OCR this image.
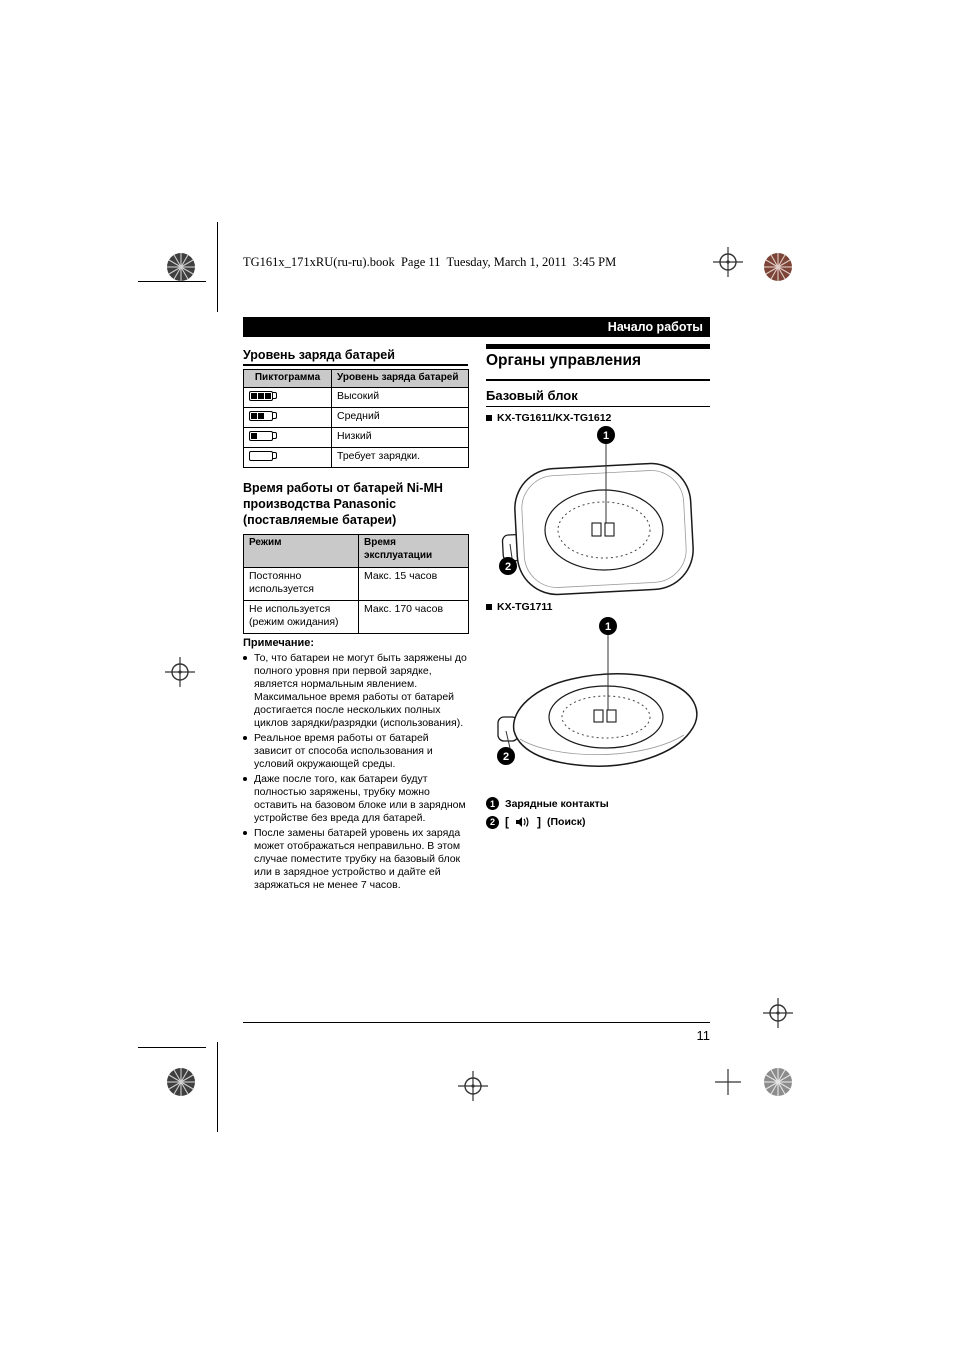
TG161x_171xRU(ru-ru).book  Page 11  Tuesday, March 1, 2011  3:45 PM
Начало работы
Уровень заряда батарей
Пиктограмма	Уровень заряда батарей

	Высокий

	Средний

	Низкий

	Требует зарядки.
Время работы от батарей Ni-MH производства Panasonic (поставляемые батареи)
Режим	Время эксплуатации
Постоянно используется	Макс. 15 часов
Не используется (режим ожидания)	Макс. 170 часов
Примечание:
То, что батареи не могут быть заряжены до полного уровня при первой зарядке, является нормальным явлением. Максимальное время работы от батарей достигается после нескольких полных циклов зарядки/разрядки (использования).
Реальное время работы от батарей зависит от способа использования и условий окружающей среды.
Даже после того, как батареи будут полностью заряжены, трубку можно оставить на базовом блоке или в зарядном устройстве без вреда для батарей.
После замены батарей уровень их заряда может отображаться неправильно. В этом случае поместите трубку на базовый блок или в зарядное устройство и дайте ей заряжаться не менее 7 часов.
Органы управления
Базовый блок
KX-TG1611/KX-TG1612
1
2
KX-TG1711
1
2
1 Зарядные контакты
2 [ ] (Поиск)
11
